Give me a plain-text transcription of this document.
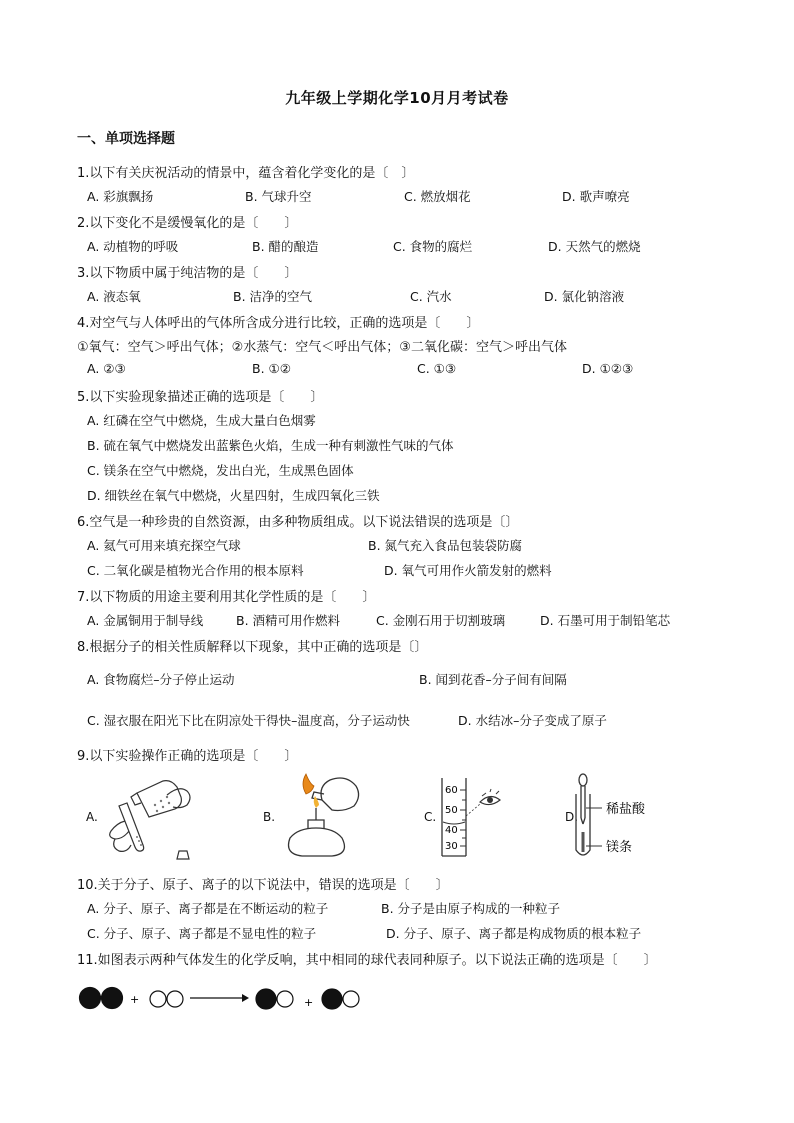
九年级上学期化学10月月考试卷
一、单项选择题
1.以下有关庆祝活动的情景中，蕴含着化学变化的是〔　〕
A. 彩旗飘扬	B. 气球升空	C. 燃放烟花	D. 歌声嘹亮
2.以下变化不是缓慢氧化的是〔　　〕
A. 动植物的呼吸	B. 醋的酿造	C. 食物的腐烂	D. 天然气的燃烧
3.以下物质中属于纯洁物的是〔　　〕
A. 液态氧	B. 洁净的空气	C. 汽水	D. 氯化钠溶液
4.对空气与人体呼出的气体所含成分进行比较，正确的选项是〔　　〕
①氧气：空气＞呼出气体；②水蒸气：空气＜呼出气体；③二氧化碳：空气＞呼出气体
A. ②③	B. ①②	C. ①③	D. ①②③
5.以下实验现象描述正确的选项是〔　　〕
A. 红磷在空气中燃烧，生成大量白色烟雾
B. 硫在氧气中燃烧发出蓝紫色火焰，生成一种有刺激性气味的气体
C. 镁条在空气中燃烧，发出白光，生成黑色固体
D. 细铁丝在氧气中燃烧，火星四射，生成四氧化三铁
6.空气是一种珍贵的自然资源，由多种物质组成。以下说法错误的选项是〔〕
A. 氦气可用来填充探空气球	B. 氮气充入食品包装袋防腐
C. 二氧化碳是植物光合作用的根本原料	D. 氧气可用作火箭发射的燃料
7.以下物质的用途主要利用其化学性质的是〔　　〕
A. 金属铜用于制导线	B. 酒精可用作燃料	C. 金刚石用于切割玻璃	D. 石墨可用于制铅笔芯
8.根据分子的相关性质解释以下现象，其中正确的选项是〔〕
A. 食物腐烂–分子停止运动	B. 闻到花香–分子间有间隔
C. 湿衣服在阳光下比在阴凉处干得快–温度高，分子运动快	D. 水结冰–分子变成了原子
9.以下实验操作正确的选项是〔　　〕
A.	B.	C.
60
50
40
30
D. 稀盐酸
镁条
10.关于分子、原子、离子的以下说法中，错误的选项是〔　　〕
A. 分子、原子、离子都是在不断运动的粒子	B. 分子是由原子构成的一种粒子
C. 分子、原子、离子都是不显电性的粒子	D. 分子、原子、离子都是构成物质的根本粒子
11.如图表示两种气体发生的化学反响，其中相同的球代表同种原子。以下说法正确的选项是〔　　〕
+	+
